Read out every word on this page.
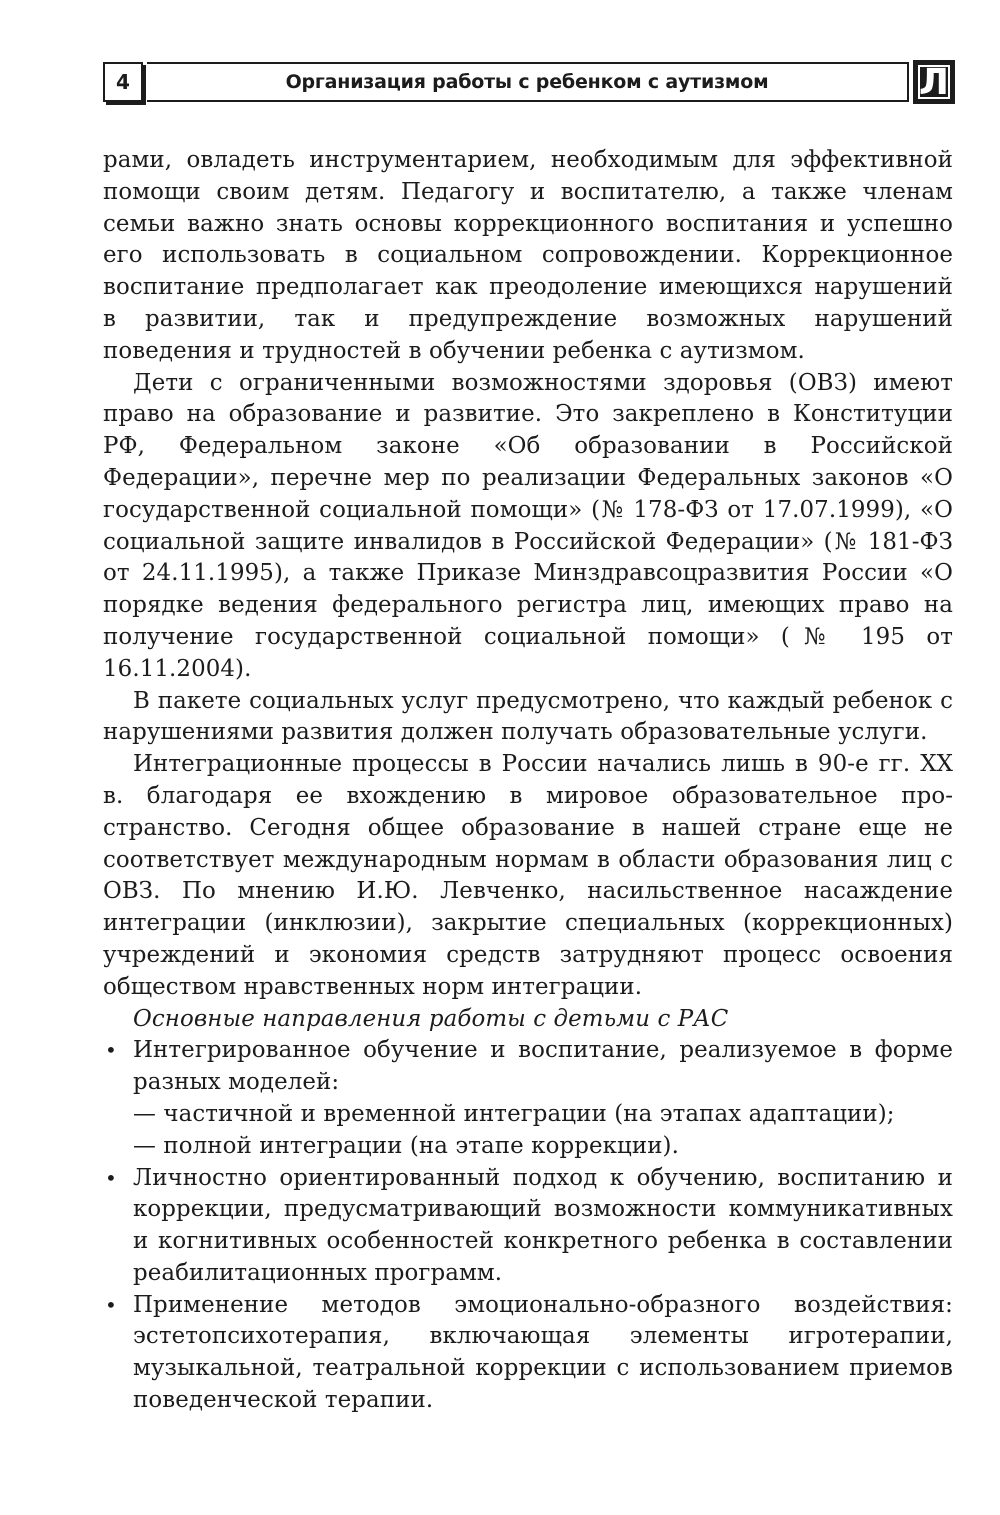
4	Организация работы с ребенком с аутизмом	Л

рами, овладеть инструментарием, необходимым для эффективной помощи своим детям. Педагогу и воспитателю, а также членам семьи важно знать основы коррекционного воспитания и успешно его использовать в социальном сопровождении. Коррекционное воспитание предполагает как преодоление имеющихся нарушений в развитии, так и предупреждение возможных нарушений поведения и трудностей в обучении ребенка с аутизмом.

Дети с ограниченными возможностями здоровья (ОВЗ) имеют право на образование и развитие. Это закреплено в Конституции РФ, Федеральном законе «Об образовании в Российской Федерации», перечне мер по реализации Федеральных законов «О государственной социальной помощи» (№ 178-ФЗ от 17.07.1999), «О социальной защите инвалидов в Российской Федерации» (№ 181-ФЗ от 24.11.1995), а также Приказе Минздравсоцразвития России «О порядке ведения федерального регистра лиц, имеющих право на получение государственной социальной помощи» (№ 195 от 16.11.2004).

В пакете социальных услуг предусмотрено, что каждый ребенок с нарушениями развития должен получать образовательные услуги.

Интеграционные процессы в России начались лишь в 90-е гг. XX в. благодаря ее вхождению в мировое образовательное пространство. Сегодня общее образование в нашей стране еще не соответствует международным нормам в области образования лиц с ОВЗ. По мнению И.Ю. Левченко, насильственное насаждение интеграции (инклюзии), закрытие специальных (коррекционных) учреждений и экономия средств затрудняют процесс освоения обществом нравственных норм интеграции.

Основные направления работы с детьми с РАС

• Интегрированное обучение и воспитание, реализуемое в форме разных моделей:
— частичной и временной интеграции (на этапах адаптации);
— полной интеграции (на этапе коррекции).
• Личностно ориентированный подход к обучению, воспитанию и коррекции, предусматривающий возможности коммуникативных и когнитивных особенностей конкретного ребенка в составлении реабилитационных программ.
• Применение методов эмоционально-образного воздействия: эстетопсихотерапия, включающая элементы игротерапии, музыкальной, театральной коррекции с использованием приемов поведенческой терапии.
